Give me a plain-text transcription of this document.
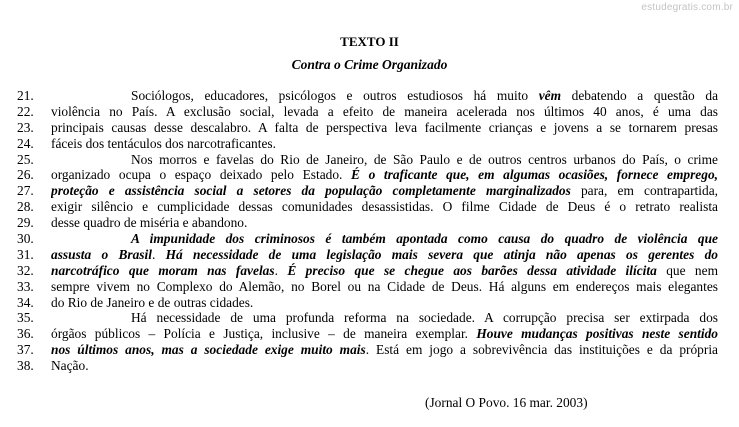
estudegratis.com.br
TEXTO II
Contra o Crime Organizado
21.	Sociólogos, educadores, psicólogos e outros estudiosos há muito vêm debatendo a questão da
22.	violência no País. A exclusão social, levada a efeito de maneira acelerada nos últimos 40 anos, é uma das
23.	principais causas desse descalabro. A falta de perspectiva leva facilmente crianças e jovens a se tornarem presas
24.	fáceis dos tentáculos dos narcotraficantes.
25.	Nos morros e favelas do Rio de Janeiro, de São Paulo e de outros centros urbanos do País, o crime
26.	organizado ocupa o espaço deixado pelo Estado. É o traficante que, em algumas ocasiões, fornece emprego,
27.	proteção e assistência social a setores da população completamente marginalizados para, em contrapartida,
28.	exigir silêncio e cumplicidade dessas comunidades desassistidas. O filme Cidade de Deus é o retrato realista
29.	desse quadro de miséria e abandono.
30.	A impunidade dos criminosos é também apontada como causa do quadro de violência que
31.	assusta o Brasil. Há necessidade de uma legislação mais severa que atinja não apenas os gerentes do
32.	narcotráfico que moram nas favelas. É preciso que se chegue aos barões dessa atividade ilícita que nem
33.	sempre vivem no Complexo do Alemão, no Borel ou na Cidade de Deus. Há alguns em endereços mais elegantes
34.	do Rio de Janeiro e de outras cidades.
35.	Há necessidade de uma profunda reforma na sociedade. A corrupção precisa ser extirpada dos
36.	órgãos públicos – Polícia e Justiça, inclusive – de maneira exemplar. Houve mudanças positivas neste sentido
37.	nos últimos anos, mas a sociedade exige muito mais. Está em jogo a sobrevivência das instituições e da própria
38.	Nação.
(Jornal O Povo. 16 mar. 2003)
